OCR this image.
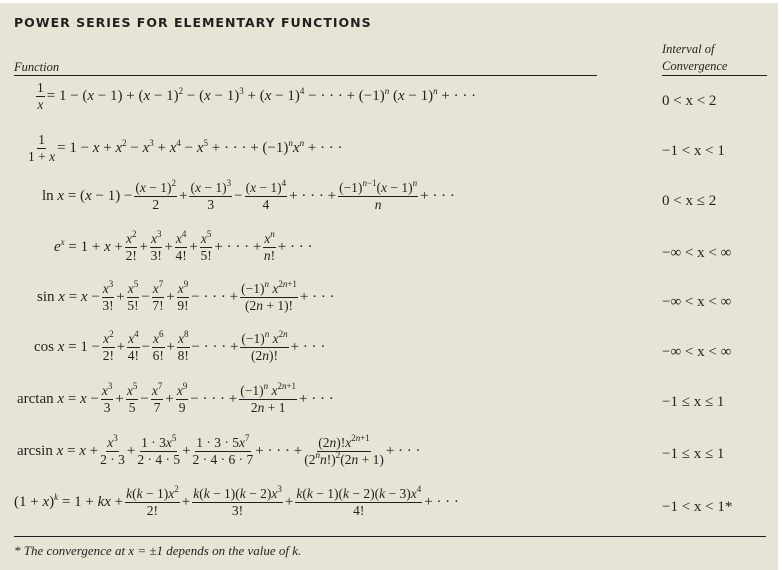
POWER SERIES FOR ELEMENTARY FUNCTIONS
Function
Interval of
Convergence
$\frac{1}{x} = 1 - (x - 1) + (x - 1)^2 - (x - 1)^3 + (x - 1)^4$ − · · · + $(-1)^n$ $(x - 1)^n$ + · · ·	0 < x < 2
$\frac{1}{1 + x} = 1 - x + x^2 - x^3 + x^4 - x^5$ + · · · + $(-1)^nx^n$ + · · ·	−1 < x < 1
$\ln x = (x - 1) - \frac{(x - 1)^2}{2} + \frac{(x - 1)^3}{3} - \frac{(x - 1)^4}{4}$ + · · · + $\frac{(-1)^{n-1}(x - 1)^n}{n}$ + · · ·	0 < x ≤ 2
$e^x = 1 + x + \frac{x^2}{2!} + \frac{x^3}{3!} + \frac{x^4}{4!} + \frac{x^5}{5!}$ + · · · + $\frac{x^n}{n!}$ + · · ·	−∞ < x < ∞
$\sin x = x - \frac{x^3}{3!} + \frac{x^5}{5!} - \frac{x^7}{7!} + \frac{x^9}{9!}$ − · · · + $\frac{(-1)^n x^{2n+1}}{(2n + 1)!}$ + · · ·	−∞ < x < ∞
$\cos x = 1 - \frac{x^2}{2!} + \frac{x^4}{4!} - \frac{x^6}{6!} + \frac{x^8}{8!}$ − · · · + $\frac{(-1)^n x^{2n}}{(2n)!}$ + · · ·	−∞ < x < ∞
$\arctan x = x - \frac{x^3}{3} + \frac{x^5}{5} - \frac{x^7}{7} + \frac{x^9}{9}$ − · · · + $\frac{(-1)^n x^{2n+1}}{2n + 1}$ + · · ·	−1 ≤ x ≤ 1
$\arcsin x = x + \frac{x^3}{2 \cdot 3} + \frac{1 \cdot 3x^5}{2 \cdot 4 \cdot 5} + \frac{1 \cdot 3 \cdot 5x^7}{2 \cdot 4 \cdot 6 \cdot 7}$ + · · · + $\frac{(2n)!x^{2n+1}}{(2^nn!)^2(2n + 1)}$ + · · ·	−1 ≤ x ≤ 1
$(1 + x)^k = 1$ + kx + $\frac{k(k - 1)x^2}{2!} + \frac{k(k - 1)(k - 2)x^3}{3!} + \frac{k(k - 1)(k - 2)(k - 3)x^4}{4!}$ + · · ·	−1 < x < 1*
* The convergence at x = ±1 depends on the value of k.
